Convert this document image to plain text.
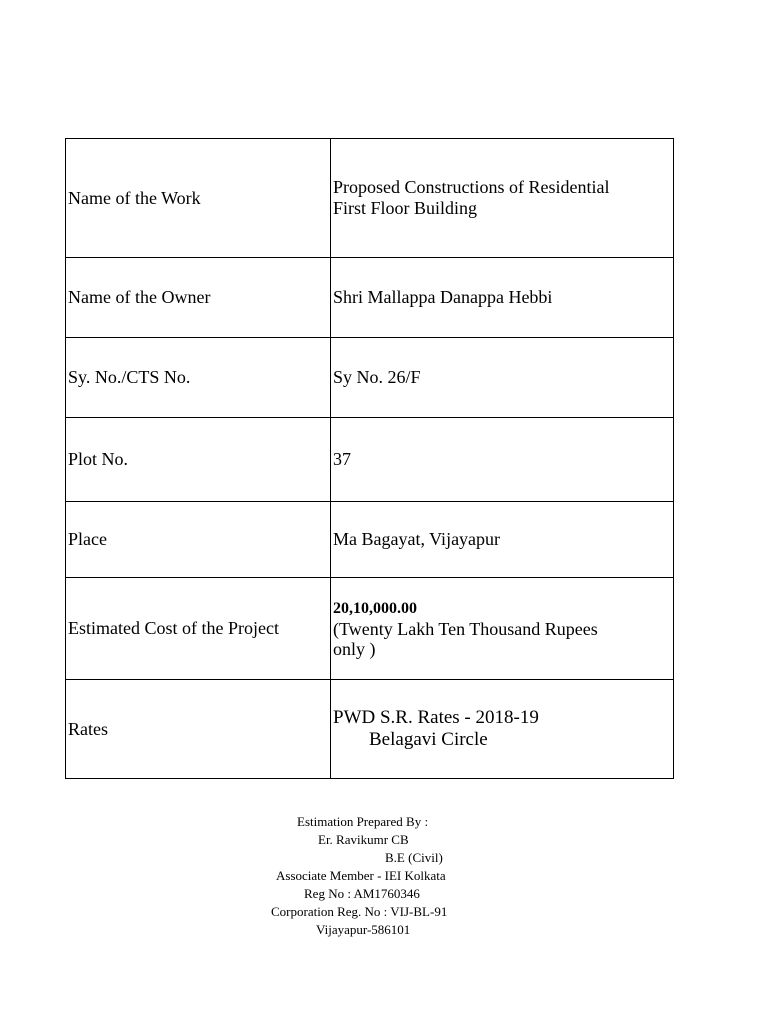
Name of the Work	Proposed Constructions of Residential
First Floor Building

Name of the Owner	Shri Mallappa Danappa Hebbi
Sy. No./CTS No.	Sy No. 26/F
Plot No.	37
Place	Ma Bagayat, Vijayapur
Estimated Cost of the Project	20,10,000.00
(Twenty Lakh Ten Thousand Rupees
only )

Rates	PWD S.R. Rates - 2018-19
Belagavi Circle
Estimation Prepared By :
Er. Ravikumr CB
B.E (Civil)
Associate Member - IEI Kolkata
Reg No : AM1760346
Corporation Reg. No : VIJ-BL-91
Vijayapur-586101
